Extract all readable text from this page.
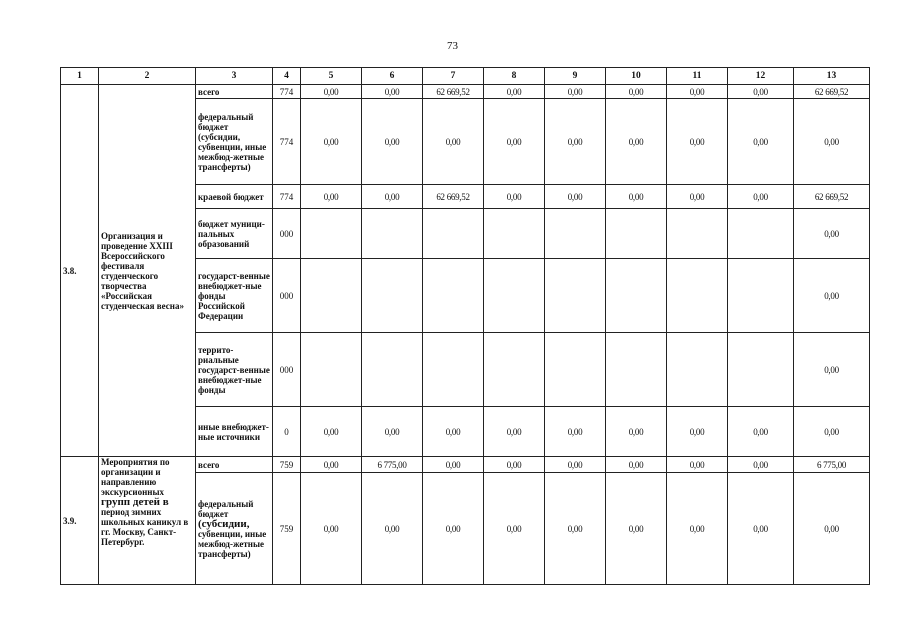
73
1	2	3	4	5	6	7	8	9	10	11	12	13
3.8.	Организация и проведение XXIII Всероссийского фестиваля студенческого творчества «Российская студенческая весна»	всего	774	0,00	0,00	62 669,52	0,00	0,00	0,00	0,00	0,00	62 669,52
		федеральный бюджет (субсидии, субвенции, иные межбюд-жетные трансферты)	774	0,00	0,00	0,00	0,00	0,00	0,00	0,00	0,00	0,00
		краевой бюджет	774	0,00	0,00	62 669,52	0,00	0,00	0,00	0,00	0,00	62 669,52
		бюджет муници-пальных образований	000									0,00
		государст-венные внебюджет-ные фонды Российской Федерации	000									0,00
		террито-риальные государст-венные внебюджет-ные фонды	000									0,00
		иные внебюджет-ные источники	0	0,00	0,00	0,00	0,00	0,00	0,00	0,00	0,00	0,00
3.9.	Мероприятия по организации и направлению экскурсионных групп детей в период зимних школьных каникул в гг. Москву, Санкт-Петербург.	всего	759	0,00	6 775,00	0,00	0,00	0,00	0,00	0,00	0,00	6 775,00
		федеральный бюджет (субсидии, субвенции, иные межбюд-жетные трансферты)	759	0,00	0,00	0,00	0,00	0,00	0,00	0,00	0,00	0,00
